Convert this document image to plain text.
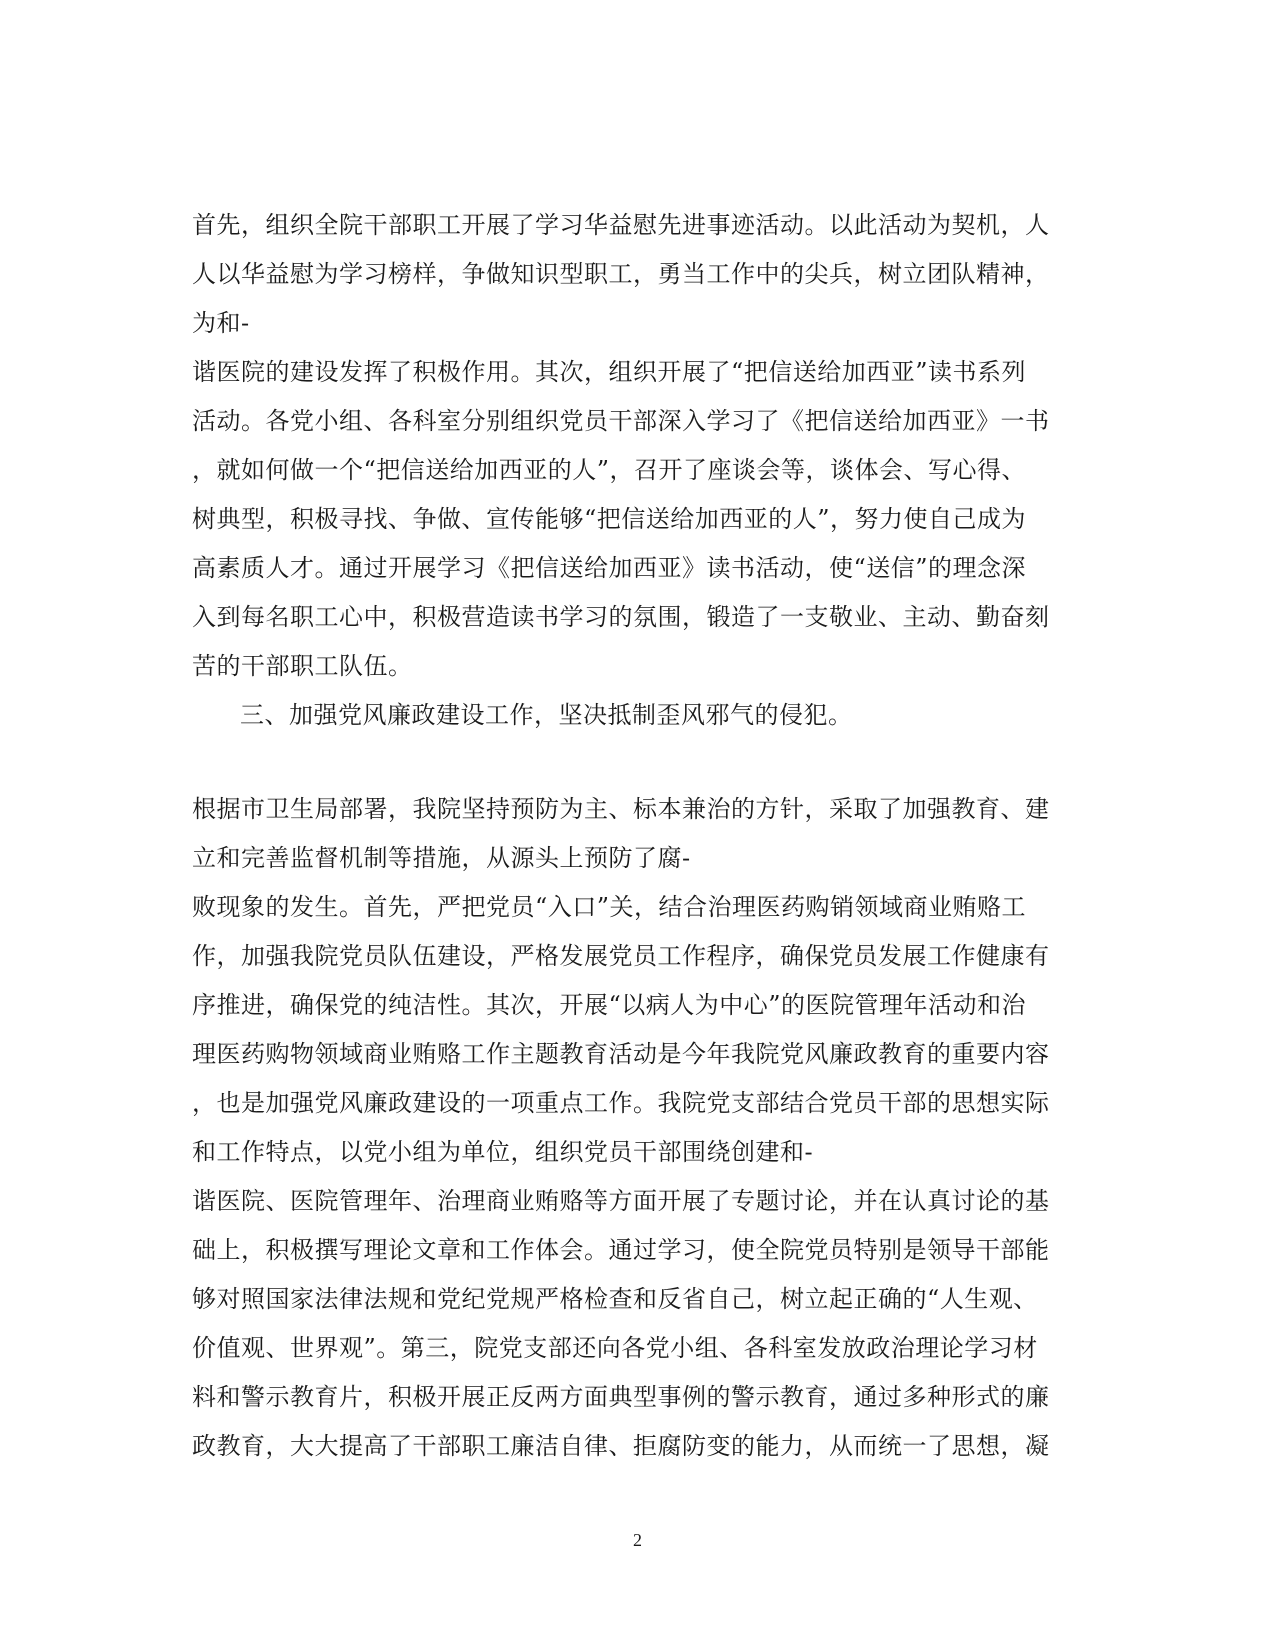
首先，组织全院干部职工开展了学习华益慰先进事迹活动。以此活动为契机，人
人以华益慰为学习榜样，争做知识型职工，勇当工作中的尖兵，树立团队精神，
为和-
谐医院的建设发挥了积极作用。其次，组织开展了“把信送给加西亚”读书系列
活动。各党小组、各科室分别组织党员干部深入学习了《把信送给加西亚》一书
，就如何做一个“把信送给加西亚的人”，召开了座谈会等，谈体会、写心得、
树典型，积极寻找、争做、宣传能够“把信送给加西亚的人”，努力使自己成为
高素质人才。通过开展学习《把信送给加西亚》读书活动，使“送信”的理念深
入到每名职工心中，积极营造读书学习的氛围，锻造了一支敬业、主动、勤奋刻
苦的干部职工队伍。
三、加强党风廉政建设工作，坚决抵制歪风邪气的侵犯。
根据市卫生局部署，我院坚持预防为主、标本兼治的方针，采取了加强教育、建
立和完善监督机制等措施，从源头上预防了腐-
败现象的发生。首先，严把党员“入口”关，结合治理医药购销领域商业贿赂工
作，加强我院党员队伍建设，严格发展党员工作程序，确保党员发展工作健康有
序推进，确保党的纯洁性。其次，开展“以病人为中心”的医院管理年活动和治
理医药购物领域商业贿赂工作主题教育活动是今年我院党风廉政教育的重要内容
，也是加强党风廉政建设的一项重点工作。我院党支部结合党员干部的思想实际
和工作特点，以党小组为单位，组织党员干部围绕创建和-
谐医院、医院管理年、治理商业贿赂等方面开展了专题讨论，并在认真讨论的基
础上，积极撰写理论文章和工作体会。通过学习，使全院党员特别是领导干部能
够对照国家法律法规和党纪党规严格检查和反省自己，树立起正确的“人生观、
价值观、世界观”。第三，院党支部还向各党小组、各科室发放政治理论学习材
料和警示教育片，积极开展正反两方面典型事例的警示教育，通过多种形式的廉
政教育，大大提高了干部职工廉洁自律、拒腐防变的能力，从而统一了思想，凝
2
